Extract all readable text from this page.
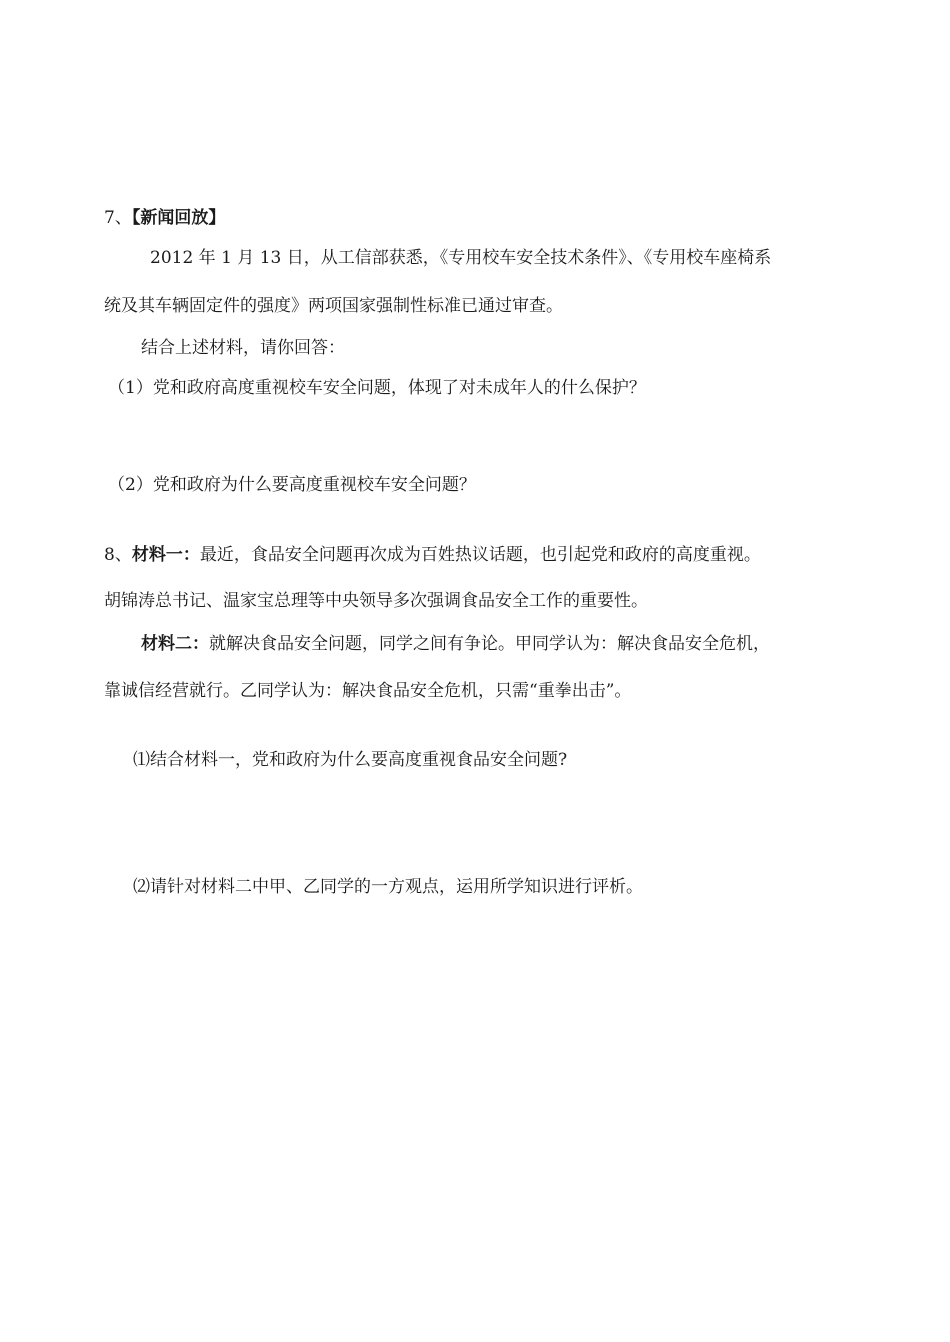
7、【新闻回放】
2012 年 1 月 13 日，从工信部获悉，《专用校车安全技术条件》、《专用校车座椅系
统及其车辆固定件的强度》两项国家强制性标准已通过审查。
结合上述材料，请你回答：
（1）党和政府高度重视校车安全问题，体现了对未成年人的什么保护？
（2）党和政府为什么要高度重视校车安全问题？
8、材料一：最近，食品安全问题再次成为百姓热议话题，也引起党和政府的高度重视。
胡锦涛总书记、温家宝总理等中央领导多次强调食品安全工作的重要性。
材料二：就解决食品安全问题，同学之间有争论。甲同学认为：解决食品安全危机，
靠诚信经营就行。乙同学认为：解决食品安全危机，只需“重拳出击”。
⑴结合材料一，党和政府为什么要高度重视食品安全问题?
⑵请针对材料二中甲、乙同学的一方观点，运用所学知识进行评析。
